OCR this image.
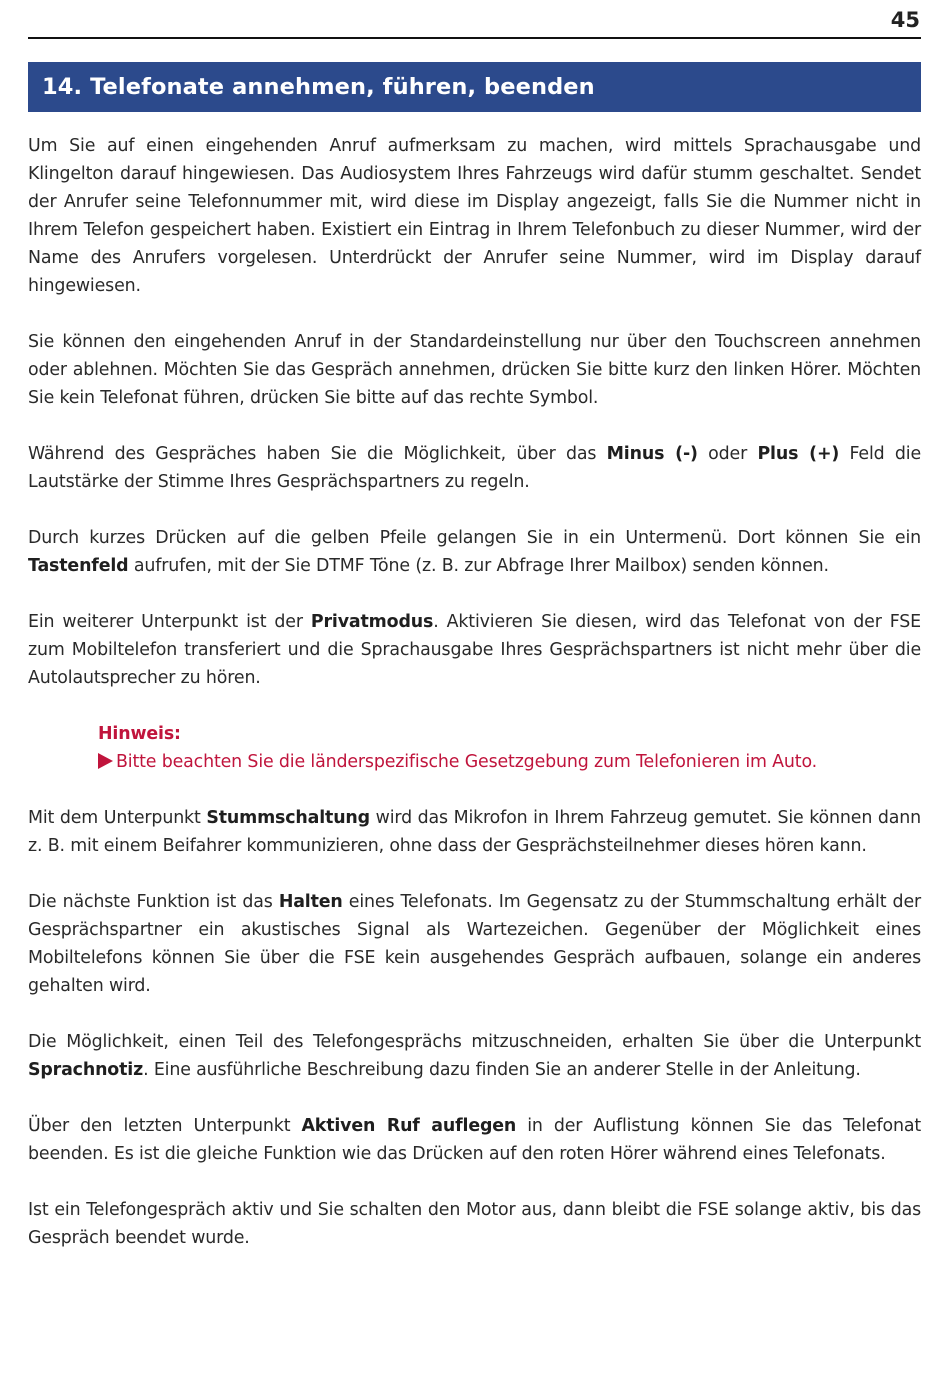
45
14. Telefonate annehmen, führen, beenden

Um Sie auf einen eingehenden Anruf aufmerksam zu machen, wird mittels Sprachausgabe und Klingelton darauf hingewiesen. Das Audiosystem Ihres Fahrzeugs wird dafür stumm geschaltet. Sendet der Anrufer seine Telefonnummer mit, wird diese im Display angezeigt, falls Sie die Nummer nicht in Ihrem Telefon gespeichert haben. Existiert ein Eintrag in Ihrem Telefonbuch zu dieser Nummer, wird der Name des Anrufers vorgelesen. Unterdrückt der Anrufer seine Nummer, wird im Display darauf hingewiesen.

Sie können den eingehenden Anruf in der Standardeinstellung nur über den Touchscreen annehmen oder ablehnen. Möchten Sie das Gespräch annehmen, drücken Sie bitte kurz den linken Hörer. Möchten Sie kein Telefonat führen, drücken Sie bitte auf das rechte Symbol.

Während des Gespräches haben Sie die Möglichkeit, über das Minus (-) oder Plus (+) Feld die Lautstärke der Stimme Ihres Gesprächspartners zu regeln.

Durch kurzes Drücken auf die gelben Pfeile gelangen Sie in ein Untermenü. Dort können Sie ein Tastenfeld aufrufen, mit der Sie DTMF Töne (z. B. zur Abfrage Ihrer Mailbox) senden können.

Ein weiterer Unterpunkt ist der Privatmodus. Aktivieren Sie diesen, wird das Telefonat von der FSE zum Mobiltelefon transferiert und die Sprachausgabe Ihres Gesprächspartners ist nicht mehr über die Autolautsprecher zu hören.

Hinweis:

Bitte beachten Sie die länderspezifische Gesetzgebung zum Telefonieren im Auto.

Mit dem Unterpunkt Stummschaltung wird das Mikrofon in Ihrem Fahrzeug gemutet. Sie können dann z. B. mit einem Beifahrer kommunizieren, ohne dass der Gesprächsteilnehmer dieses hören kann.

Die nächste Funktion ist das Halten eines Telefonats. Im Gegensatz zu der Stummschaltung erhält der Gesprächspartner ein akustisches Signal als Wartezeichen. Gegenüber der Möglichkeit eines Mobiltelefons können Sie über die FSE kein ausgehendes Gespräch aufbauen, solange ein anderes gehalten wird.

Die Möglichkeit, einen Teil des Telefongesprächs mitzuschneiden, erhalten Sie über die Unterpunkt Sprachnotiz. Eine ausführliche Beschreibung dazu finden Sie an anderer Stelle in der Anleitung.

Über den letzten Unterpunkt Aktiven Ruf auflegen in der Auflistung können Sie das Telefonat beenden. Es ist die gleiche Funktion wie das Drücken auf den roten Hörer während eines Telefonats.

Ist ein Telefongespräch aktiv und Sie schalten den Motor aus, dann bleibt die FSE solange aktiv, bis das Gespräch beendet wurde.
